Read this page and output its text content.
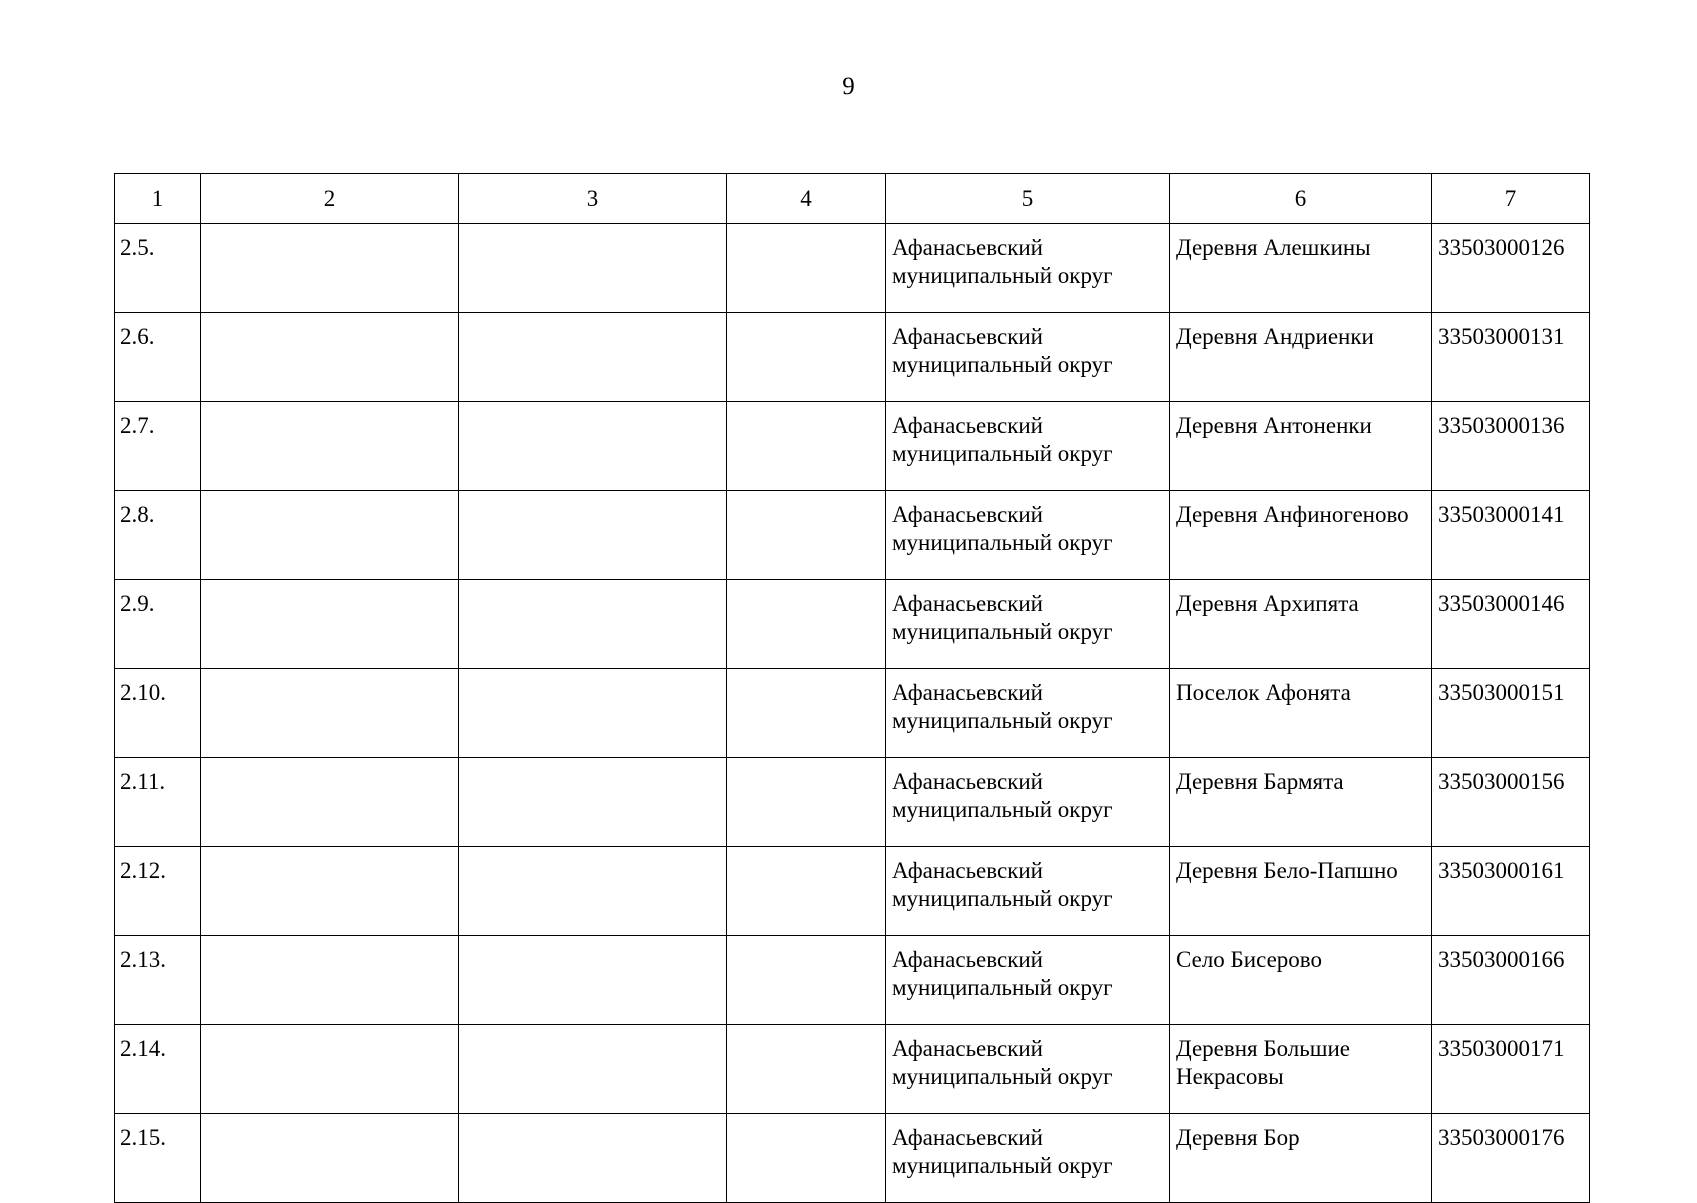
9
1	2	3	4	5	6	7
2.5.				Афанасьевский муниципальный округ	Деревня Алешкины	33503000126
2.6.				Афанасьевский муниципальный округ	Деревня Андриенки	33503000131
2.7.				Афанасьевский муниципальный округ	Деревня Антоненки	33503000136
2.8.				Афанасьевский муниципальный округ	Деревня Анфиногеново	33503000141
2.9.				Афанасьевский муниципальный округ	Деревня Архипята	33503000146
2.10.				Афанасьевский муниципальный округ	Поселок Афонята	33503000151
2.11.				Афанасьевский муниципальный округ	Деревня Бармята	33503000156
2.12.				Афанасьевский муниципальный округ	Деревня Бело-Папшно	33503000161
2.13.				Афанасьевский муниципальный округ	Село Бисерово	33503000166
2.14.				Афанасьевский муниципальный округ	Деревня Большие Некрасовы	33503000171
2.15.				Афанасьевский муниципальный округ	Деревня Бор	33503000176
